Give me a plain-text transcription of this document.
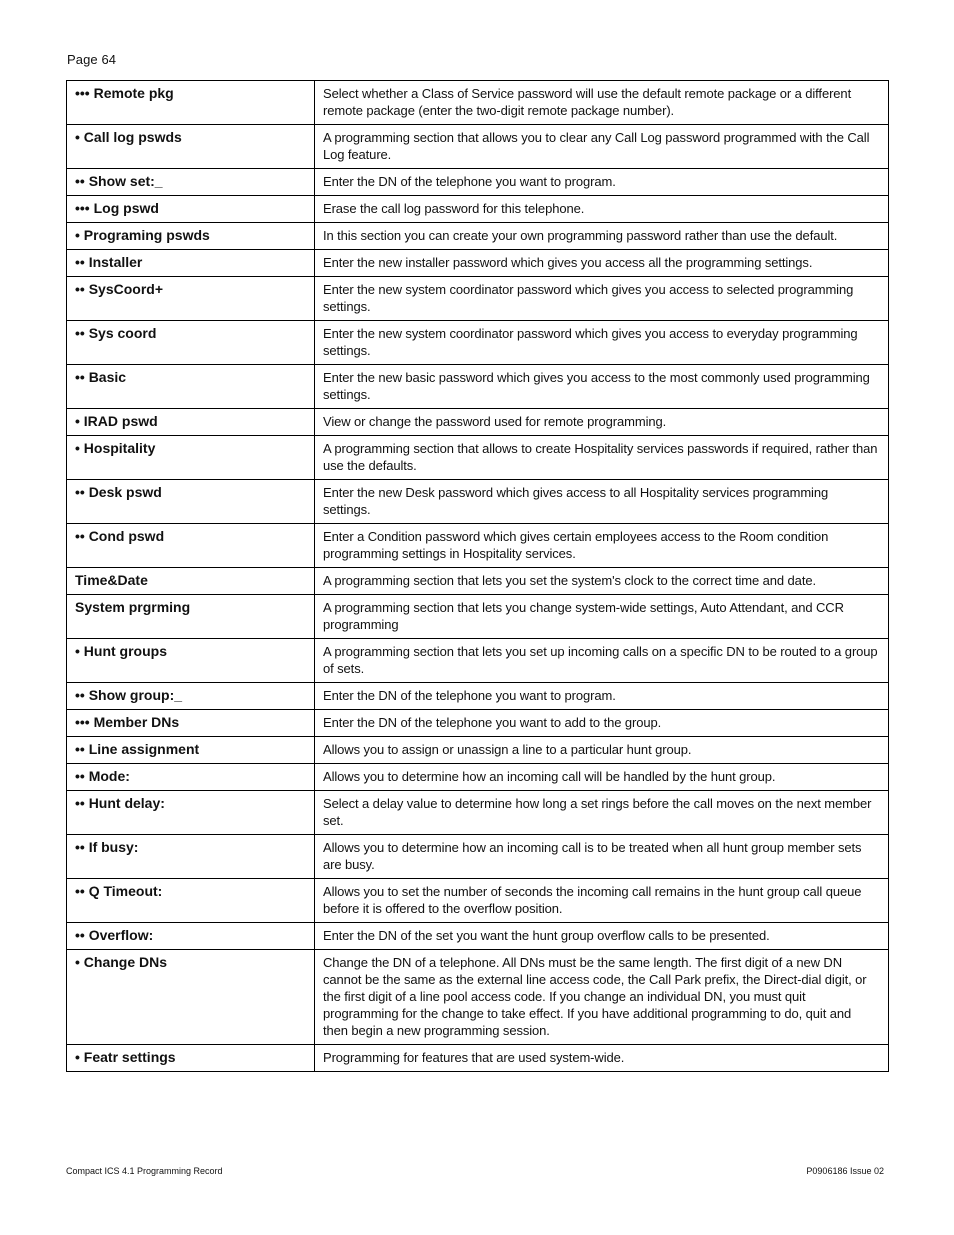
Page 64
••• Remote pkg	Select whether a Class of Service password will use the default remote package or a different remote package (enter the two-digit remote package number).
• Call log pswds	A programming section that allows you to clear any Call Log password programmed with the Call Log feature.
•• Show set:_	Enter the DN of the telephone you want to program.
••• Log pswd	Erase the call log password for this telephone.
• Programing pswds	In this section you can create your own programming password rather than use the default.
•• Installer	Enter the new installer password which gives you access all the programming settings.
•• SysCoord+	Enter the new system coordinator password which gives you access to selected programming settings.
•• Sys coord	Enter the new system coordinator password which gives you access to everyday programming settings.
•• Basic	Enter the new basic password which gives you access to the most commonly used programming settings.
• IRAD pswd	View or change the password used for remote programming.
• Hospitality	A programming section that allows to create Hospitality services passwords if required, rather than use the defaults.
•• Desk pswd	Enter the new Desk password which gives access to all Hospitality services programming settings.
•• Cond pswd	Enter a Condition password which gives certain employees access to the Room condition programming settings in Hospitality services.
Time&Date	A programming section that lets you set the system's clock to the correct time and date.
System prgrming	A programming section that lets you change system-wide settings, Auto Attendant, and CCR programming
• Hunt groups	A programming section that lets you set up incoming calls on a specific DN to be routed to a group of sets.
•• Show group:_	Enter the DN of the telephone you want to program.
••• Member DNs	Enter the DN of the telephone you want to add to the group.
•• Line assignment	Allows you to assign or unassign a line to a particular hunt group.
•• Mode:	Allows you to determine how an incoming call will be handled by the hunt group.
•• Hunt delay:	Select a delay value to determine how long a set rings before the call moves on the next member set.
•• If busy:	Allows you to determine how an incoming call is to be treated when all hunt group member sets are busy.
•• Q Timeout:	Allows you to set the number of seconds the incoming call remains in the hunt group call queue before it is offered to the overflow position.
•• Overflow:	Enter the DN of the set you want the hunt group overflow calls to be presented.
• Change DNs	Change the DN of a telephone. All DNs must be the same length. The first digit of a new DN cannot be the same as the external line access code, the Call Park prefix, the Direct-dial digit, or the first digit of a line pool access code. If you change an individual DN, you must quit programming for the change to take effect. If you have additional programming to do, quit and then begin a new programming session.
• Featr settings	Programming for features that are used system-wide.
Compact ICS 4.1 Programming Record	P0906186 Issue 02
